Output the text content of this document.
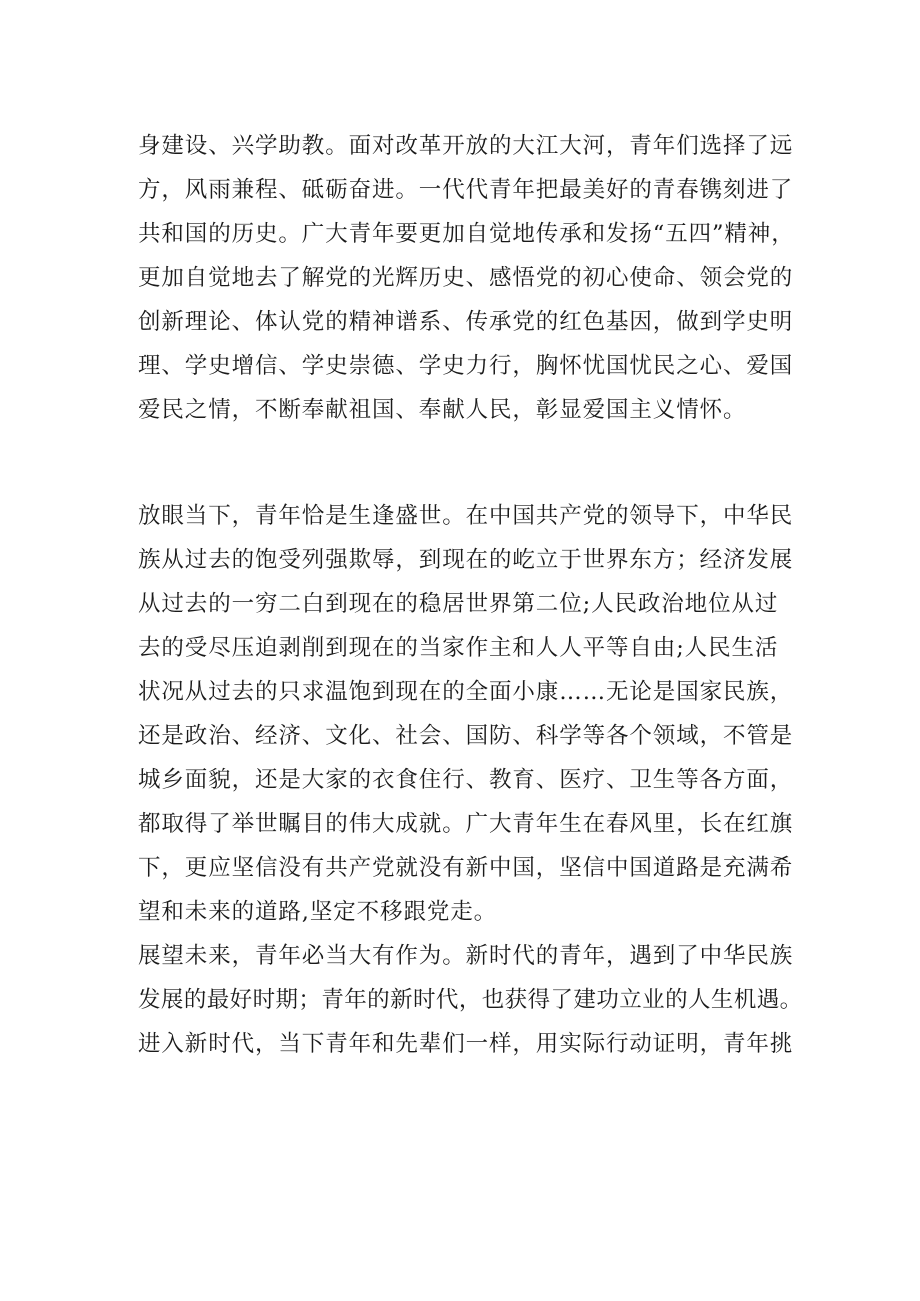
身建设、兴学助教。面对改革开放的大江大河，青年们选择了远

方，风雨兼程、砥砺奋进。一代代青年把最美好的青春镌刻进了

共和国的历史。广大青年要更加自觉地传承和发扬“五四”精神，

更加自觉地去了解党的光辉历史、感悟党的初心使命、领会党的

创新理论、体认党的精神谱系、传承党的红色基因，做到学史明

理、学史增信、学史崇德、学史力行，胸怀忧国忧民之心、爱国

爱民之情，不断奉献祖国、奉献人民，彰显爱国主义情怀。

放眼当下，青年恰是生逢盛世。在中国共产党的领导下，中华民

族从过去的饱受列强欺辱，到现在的屹立于世界东方；经济发展

从过去的一穷二白到现在的稳居世界第二位;人民政治地位从过

去的受尽压迫剥削到现在的当家作主和人人平等自由;人民生活

状况从过去的只求温饱到现在的全面小康……无论是国家民族，

还是政治、经济、文化、社会、国防、科学等各个领域，不管是

城乡面貌，还是大家的衣食住行、教育、医疗、卫生等各方面，

都取得了举世瞩目的伟大成就。广大青年生在春风里，长在红旗

下，更应坚信没有共产党就没有新中国，坚信中国道路是充满希

望和未来的道路,坚定不移跟党走。

展望未来，青年必当大有作为。新时代的青年，遇到了中华民族

发展的最好时期；青年的新时代，也获得了建功立业的人生机遇。

进入新时代，当下青年和先辈们一样，用实际行动证明，青年挑
